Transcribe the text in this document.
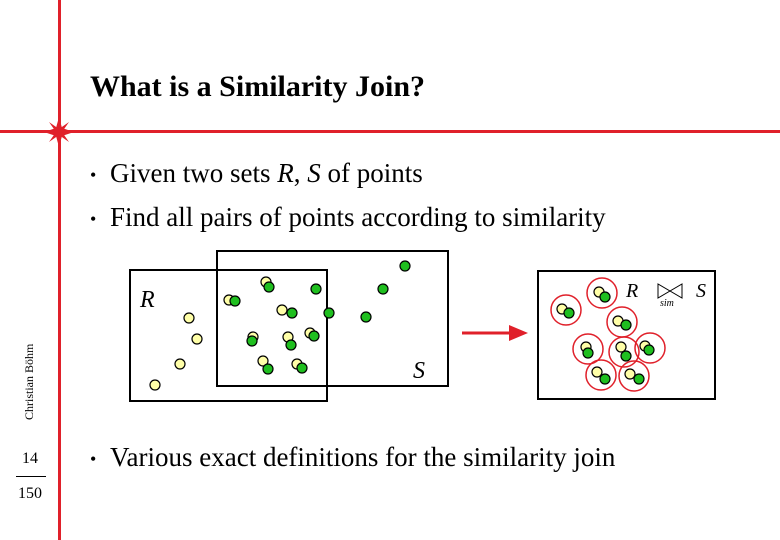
What is a Similarity Join?
• Given two sets R, S of points
• Find all pairs of points according to similarity
• Various exact definitions for the similarity join
Christian Böhm
14
150
R
S
R
sim
S
